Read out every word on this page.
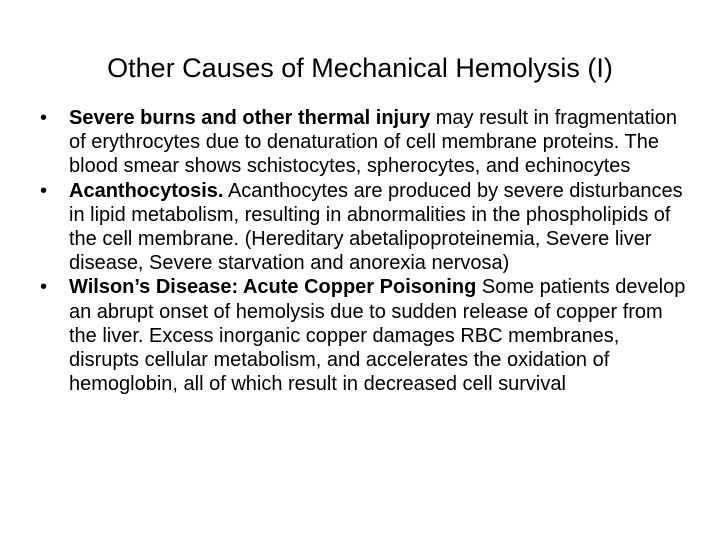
Other Causes of Mechanical Hemolysis (I)
• Severe burns and other thermal injury may result in fragmentation of erythrocytes due to denaturation of cell membrane proteins. The blood smear shows schistocytes, spherocytes, and echinocytes
• Acanthocytosis. Acanthocytes are produced by severe disturbances in lipid metabolism, resulting in abnormalities in the phospholipids of the cell membrane. (Hereditary abetalipoproteinemia, Severe liver disease, Severe starvation and anorexia nervosa)
• Wilson’s Disease: Acute Copper Poisoning Some patients develop an abrupt onset of hemolysis due to sudden release of copper from the liver. Excess inorganic copper damages RBC membranes, disrupts cellular metabolism, and accelerates the oxidation of hemoglobin, all of which result in decreased cell survival
